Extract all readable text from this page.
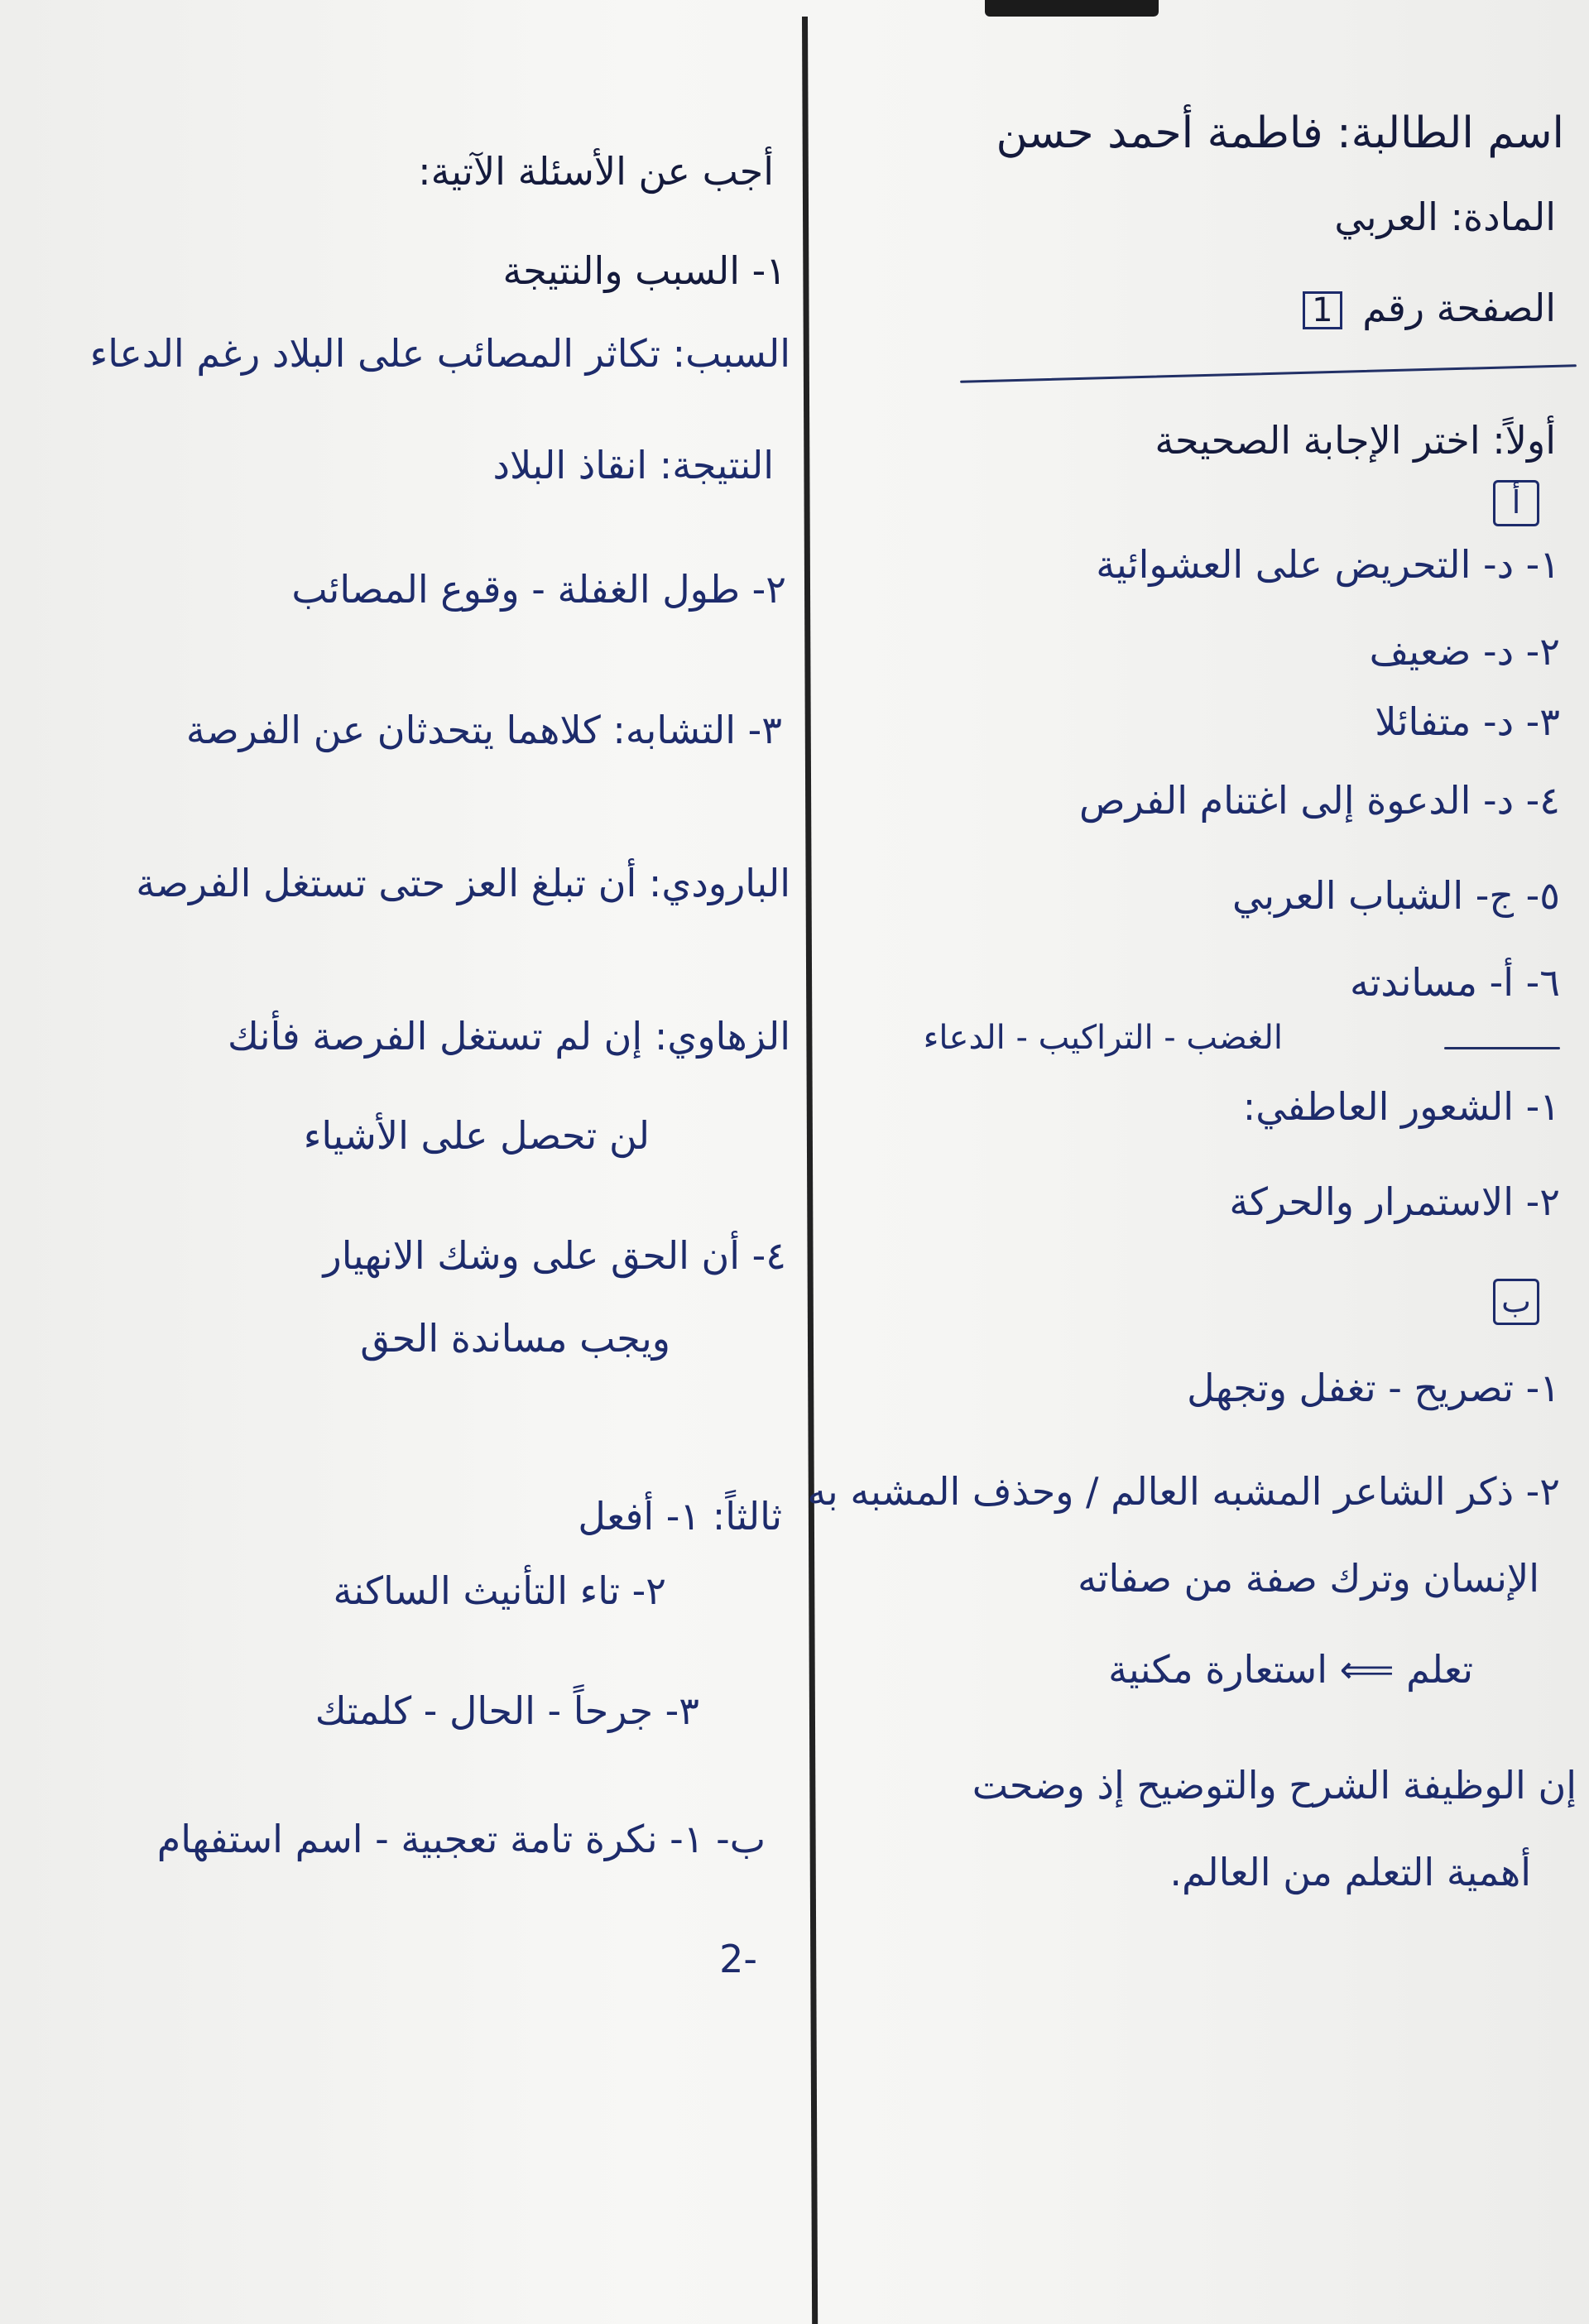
اسم الطالبة: فاطمة أحمد حسن
المادة: العربي
الصفحة رقم 1
أولاً: اختر الإجابة الصحيحة
أ
١- د- التحريض على العشوائية
٢- د- ضعيف
٣- د- متفائلا
٤- د- الدعوة إلى اغتنام الفرص
٥- ج- الشباب العربي
٦- أ- مساندته
الغضب - التراكيب - الدعاء
١- الشعور العاطفي:
٢- الاستمرار والحركة
ب
١- تصريح - تغفل وتجهل
٢- ذكر الشاعر المشبه العالم / وحذف المشبه به
الإنسان وترك صفة من صفاته
تعلم ⟸ استعارة مكنية
إن الوظيفة الشرح والتوضيح إذ وضحت
أهمية التعلم من العالم.
أجب عن الأسئلة الآتية:
١- السبب والنتيجة
السبب: تكاثر المصائب على البلاد رغم الدعاء
النتيجة: انقاذ البلاد
٢- طول الغفلة - وقوع المصائب
٣- التشابه: كلاهما يتحدثان عن الفرصة
البارودي: أن تبلغ العز حتى تستغل الفرصة
الزهاوي: إن لم تستغل الفرصة فأنك
لن تحصل على الأشياء
٤- أن الحق على وشك الانهيار
ويجب مساندة الحق
ثالثاً: ١- أفعل
٢- تاء التأنيث الساكنة
٣- جرحاً - الحال - كلمتك
ب- ١- نكرة تامة تعجبية - اسم استفهام
-2
